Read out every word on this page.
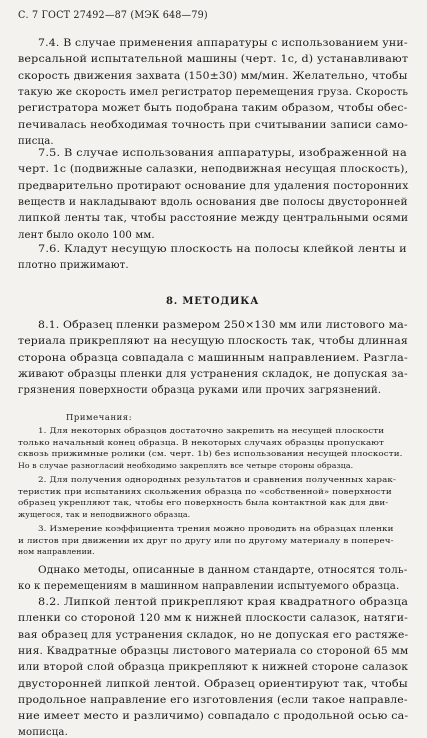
С. 7 ГОСТ 27492—87 (МЭК 648—79)
7.4. В случае применения аппаратуры с использованием уни-
версальной испытательной машины (черт. 1с, d) устанавливают
скорость движения захвата (150±30) мм/мин. Желательно, чтобы
такую же скорость имел регистратор перемещения груза. Скорость
регистратора может быть подобрана таким образом, чтобы обес-
печивалась необходимая точность при считывании записи само-
писца.
7.5. В случае использования аппаратуры, изображенной на
черт. 1с (подвижные салазки, неподвижная несущая плоскость),
предварительно протирают основание для удаления посторонних
веществ и накладывают вдоль основания две полосы двусторонней
липкой ленты так, чтобы расстояние между центральными осями
лент было около 100 мм.
7.6. Кладут несущую плоскость на полосы клейкой ленты и
плотно прижимают.
8. МЕТОДИКА
8.1. Образец пленки размером 250×130 мм или листового ма-
териала прикрепляют на несущую плоскость так, чтобы длинная
сторона образца совпадала с машинным направлением. Разгла-
живают образцы пленки для устранения складок, не допуская за-
грязнения поверхности образца руками или прочих загрязнений.
Примечания:
1. Для некоторых образцов достаточно закрепить на несущей плоскости
только начальный конец образца. В некоторых случаях образцы пропускают
сквозь прижимные ролики (см. черт. 1b) без использования несущей плоскости.
Но в случае разногласий необходимо закреплять все четыре стороны образца.
2. Для получения однородных результатов и сравнения полученных харак-
теристик при испытаниях скольжения образца по «собственной» поверхности
образец укрепляют так, чтобы его поверхность была контактной как для дви-
жущегося, так и неподвижного образца.
3. Измерение коэффициента трения можно проводить на образцах пленки
и листов при движении их друг по другу или по другому материалу в попереч-
ном направлении.
Однако методы, описанные в данном стандарте, относятся толь-
ко к перемещениям в машинном направлении испытуемого образца.
8.2. Липкой лентой прикрепляют края квадратного образца
пленки со стороной 120 мм к нижней плоскости салазок, натяги-
вая образец для устранения складок, но не допуская его растяже-
ния. Квадратные образцы листового материала со стороной 65 мм
или второй слой образца прикрепляют к нижней стороне салазок
двусторонней липкой лентой. Образец ориентируют так, чтобы
продольное направление его изготовления (если такое направле-
ние имеет место и различимо) совпадало с продольной осью са-
мописца.
